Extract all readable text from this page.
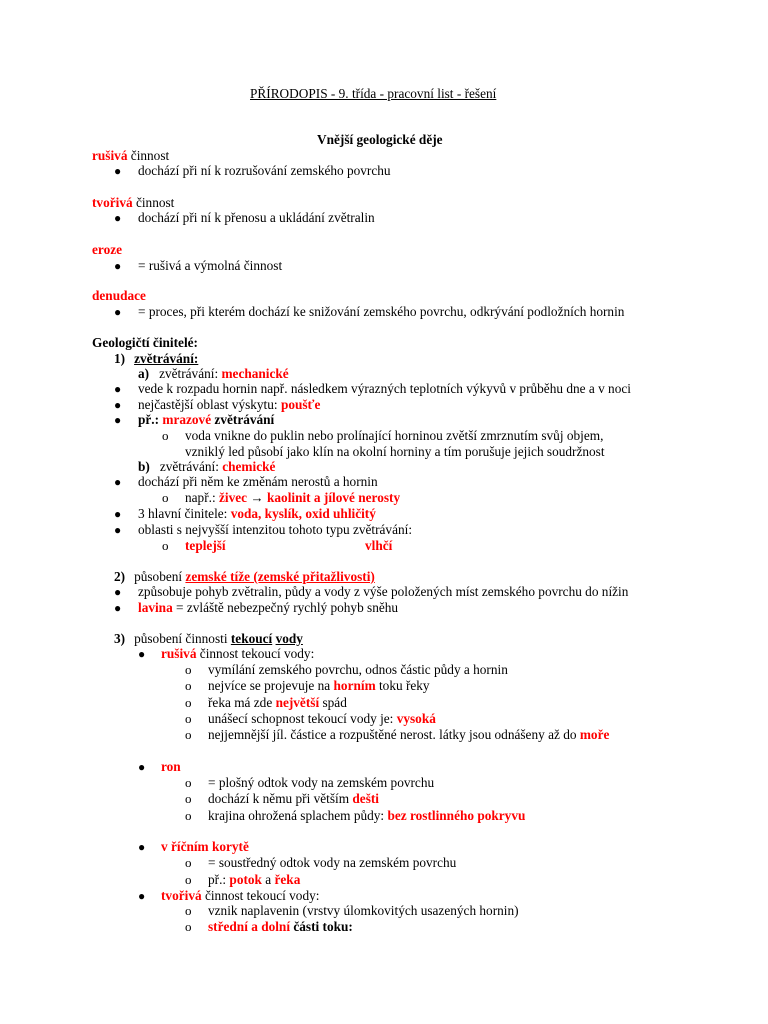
PŘÍRODOPIS - 9. třída - pracovní list - řešení
Vnější geologické děje
rušivá činnost
● dochází při ní k rozrušování zemského povrchu
tvořivá činnost
● dochází při ní k přenosu a ukládání zvětralin
eroze
● = rušivá a výmolná činnost
denudace
● = proces, při kterém dochází ke snižování zemského povrchu, odkrývání podložních hornin
Geologičtí činitelé:
1) zvětrávání:
a) zvětrávání: mechanické
● vede k rozpadu hornin např. následkem výrazných teplotních výkyvů v průběhu dne a v noci
● nejčastější oblast výskytu: poušťe
● př.: mrazové zvětrávání
o voda vnikne do puklin nebo prolínající horninou zvětší zmrznutím svůj objem,
vzniklý led působí jako klín na okolní horniny a tím porušuje jejich soudržnost
b) zvětrávání: chemické
● dochází při něm ke změnám nerostů a hornin
o např.: živec → kaolinit a jílové nerosty
● 3 hlavní činitele: voda, kyslík, oxid uhličitý
● oblasti s nejvyšší intenzitou tohoto typu zvětrávání:
o teplejší	vlhčí
2) působení zemské tíže (zemské přitažlivosti)
● způsobuje pohyb zvětralin, půdy a vody z výše položených míst zemského povrchu do nížin
● lavina = zvláště nebezpečný rychlý pohyb sněhu
3) působení činnosti tekoucí vody
● rušivá činnost tekoucí vody:
o vymílání zemského povrchu, odnos částic půdy a hornin
o nejvíce se projevuje na horním toku řeky
o řeka má zde největší spád
o unášecí schopnost tekoucí vody je: vysoká
o nejjemnější jíl. částice a rozpuštěné nerost. látky jsou odnášeny až do moře
● ron
o = plošný odtok vody na zemském povrchu
o dochází k němu při větším dešti
o krajina ohrožená splachem půdy: bez rostlinného pokryvu
● v říčním korytě
o = soustředný odtok vody na zemském povrchu
o př.: potok a řeka
● tvořivá činnost tekoucí vody:
o vznik naplavenin (vrstvy úlomkovitých usazených hornin)
o střední a dolní části toku:
